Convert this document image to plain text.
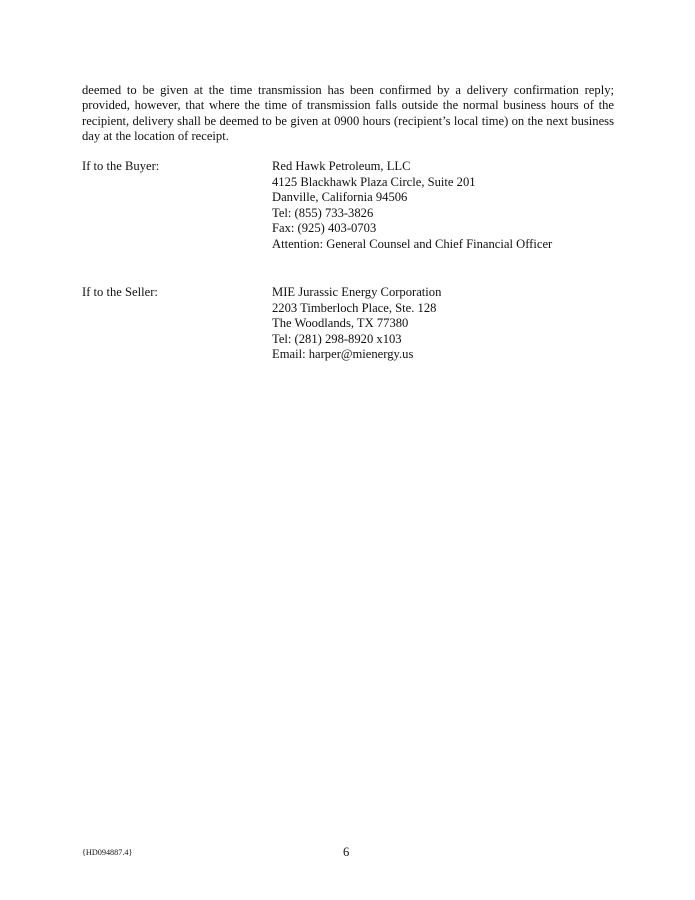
deemed to be given at the time transmission has been confirmed by a delivery confirmation reply; provided, however, that where the time of transmission falls outside the normal business hours of the recipient, delivery shall be deemed to be given at 0900 hours (recipient’s local time) on the next business day at the location of receipt.

If to the Buyer:	Red Hawk Petroleum, LLC
4125 Blackhawk Plaza Circle, Suite 201
Danville, California 94506
Tel: (855) 733-3826
Fax: (925) 403-0703
Attention: General Counsel and Chief Financial Officer
If to the Seller:	MIE Jurassic Energy Corporation
2203 Timberloch Place, Ste. 128
The Woodlands, TX 77380
Tel: (281) 298-8920 x103
Email: harper@mienergy.us
{HD094887.4}	6
